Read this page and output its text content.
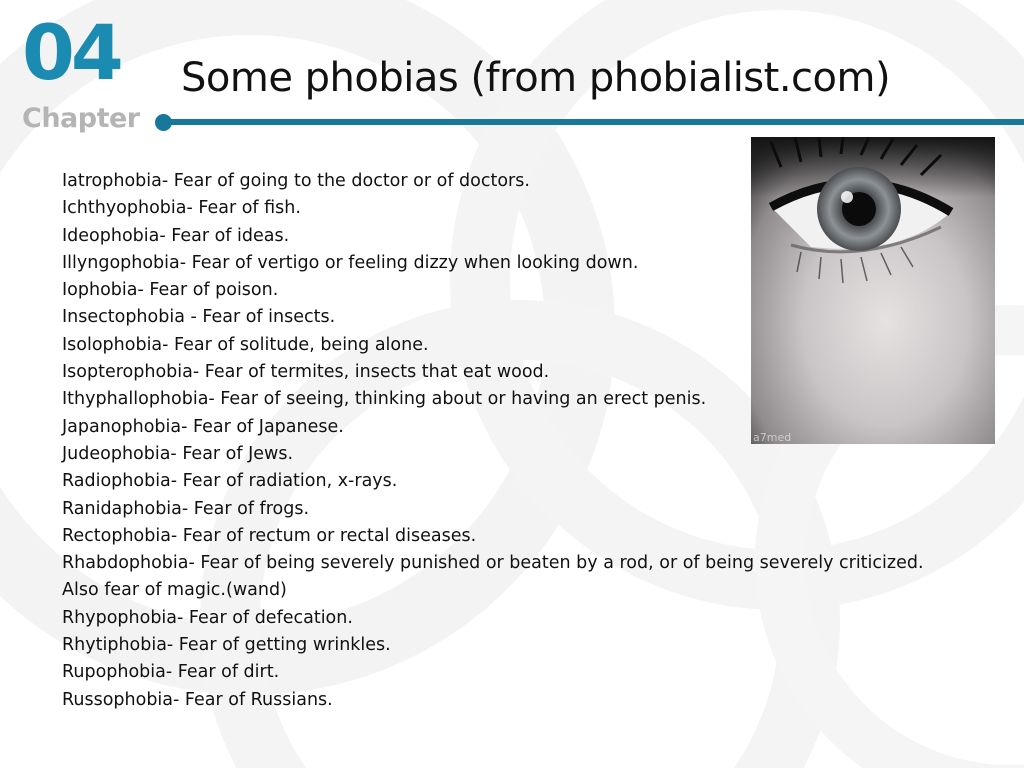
04
Chapter
Some phobias (from phobialist.com)
a7med
Iatrophobia- Fear of going to the doctor or of doctors.
Ichthyophobia- Fear of fish.
Ideophobia- Fear of ideas.
Illyngophobia- Fear of vertigo or feeling dizzy when looking down.
Iophobia- Fear of poison.
Insectophobia - Fear of insects.
Isolophobia- Fear of solitude, being alone.
Isopterophobia- Fear of termites, insects that eat wood.
Ithyphallophobia- Fear of seeing, thinking about or having an erect penis.
Japanophobia- Fear of Japanese.
Judeophobia- Fear of Jews.
Radiophobia- Fear of radiation, x-rays.
Ranidaphobia- Fear of frogs.
Rectophobia- Fear of rectum or rectal diseases.
Rhabdophobia- Fear of being severely punished or beaten by a rod, or of being severely criticized.
Also fear of magic.(wand)
Rhypophobia- Fear of defecation.
Rhytiphobia- Fear of getting wrinkles.
Rupophobia- Fear of dirt.
Russophobia- Fear of Russians.
